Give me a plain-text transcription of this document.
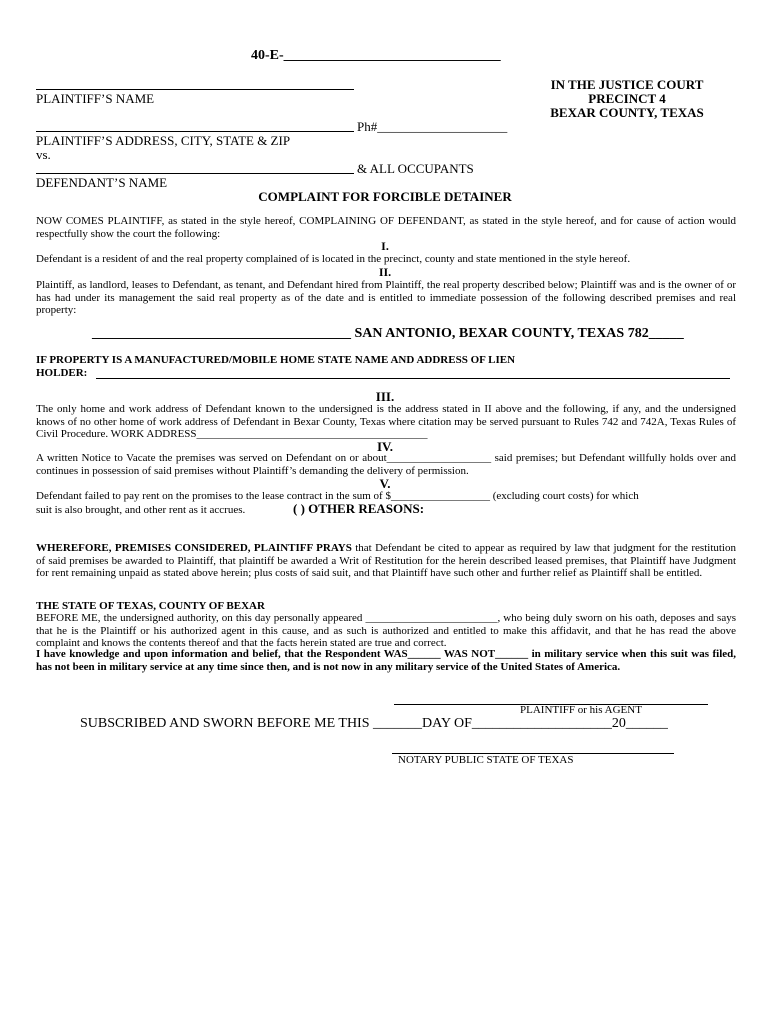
40-E-_______________________________
PLAINTIFF’S NAME
IN THE JUSTICE COURT
PRECINCT 4
BEXAR COUNTY, TEXAS
Ph#____________________
PLAINTIFF’S ADDRESS, CITY, STATE & ZIP
vs.
& ALL OCCUPANTS
DEFENDANT’S NAME
COMPLAINT FOR FORCIBLE DETAINER
NOW COMES PLAINTIFF, as stated in the style hereof, COMPLAINING OF DEFENDANT, as stated in the style hereof, and for cause of action would respectfully show the court the following:
I.
Defendant is a resident of and the real property complained of is located in the precinct, county and state mentioned in the style hereof.
II.
Plaintiff, as landlord, leases to Defendant, as tenant, and Defendant hired from Plaintiff, the real property described below; Plaintiff was and is the owner of or has had under its management the said real property as of the date and is entitled to immediate possession of the following described premises and real property:
_____________________________________ SAN ANTONIO, BEXAR COUNTY, TEXAS 782_____
IF PROPERTY IS A MANUFACTURED/MOBILE HOME STATE NAME AND ADDRESS OF LIEN
HOLDER:
III.
The only home and work address of Defendant known to the undersigned is the address stated in II above and the following, if any, and the undersigned knows of no other home of work address of Defendant in Bexar County, Texas where citation may be served pursuant to Rules 742 and 742A, Texas Rules of Civil Procedure. WORK ADDRESS__________________________________________
IV.
A written Notice to Vacate the premises was served on Defendant on or about___________________ said premises; but Defendant willfully holds over and continues in possession of said premises without Plaintiff’s demanding the delivery of permission.
V.
Defendant failed to pay rent on the promises to the lease contract in the sum of $__________________ (excluding court costs) for which
suit is also brought, and other rent as it accrues.	( ) OTHER REASONS:
WHEREFORE, PREMISES CONSIDERED, PLAINTIFF PRAYS that Defendant be cited to appear as required by law that judgment for the restitution of said premises be awarded to Plaintiff, that plaintiff be awarded a Writ of Restitution for the herein described leased premises, that Plaintiff have Judgment for rent remaining unpaid as stated above herein; plus costs of said suit, and that Plaintiff have such other and further relief as Plaintiff shall be entitled.
THE STATE OF TEXAS, COUNTY OF BEXAR
BEFORE ME, the undersigned authority, on this day personally appeared ________________________, who being duly sworn on his oath, deposes and says that he is the Plaintiff or his authorized agent in this cause, and as such is authorized and entitled to make this affidavit, and that he has read the above complaint and knows the contents thereof and that the facts herein stated are true and correct.
I have knowledge and upon information and belief, that the Respondent WAS______ WAS NOT______ in military service when this suit was filed, has not been in military service at any time since then, and is not now in any military service of the United States of America.
PLAINTIFF or his AGENT
SUBSCRIBED AND SWORN BEFORE ME THIS _______DAY OF____________________20______
NOTARY PUBLIC STATE OF TEXAS
